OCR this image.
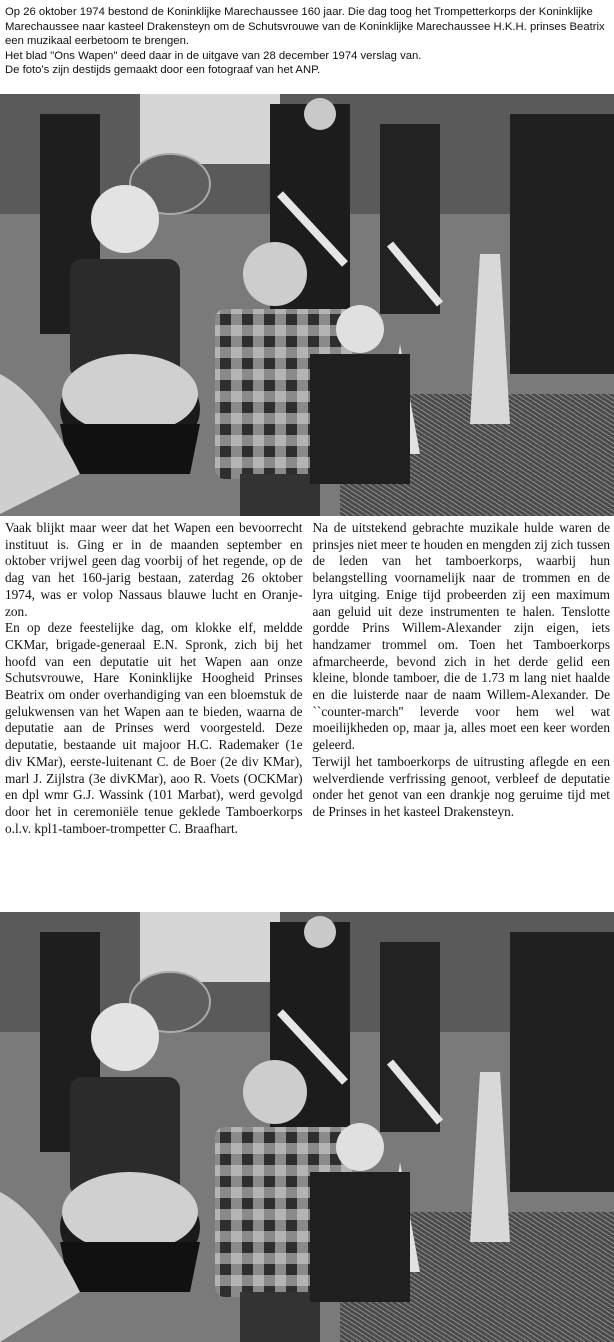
Op 26 oktober 1974 bestond de Koninklijke Marechaussee 160 jaar. Die dag toog het Trompetterkorps der Koninklijke Marechaussee naar kasteel Drakensteyn om de Schutsvrouwe van de Koninklijke Marechaussee H.K.H. prinses Beatrix een muzikaal eerbetoom te brengen.

Het blad "Ons Wapen" deed daar in de uitgave van 28 december 1974 verslag van.

De foto's zijn destijds gemaakt door een fotograaf van het ANP.

Vaak blijkt maar weer dat het Wapen een bevoorrecht instituut is. Ging er in de maanden september en oktober vrijwel geen dag voorbij of het regende, op de dag van het 160-jarig bestaan, zaterdag 26 oktober 1974, was er volop Nassaus blauwe lucht en Oranje-zon.

En op deze feestelijke dag, om klokke elf, meldde CKMar, brigade-generaal E.N. Spronk, zich bij het hoofd van een deputatie uit het Wapen aan onze Schutsvrouwe, Hare Koninklijke Hoogheid Prinses Beatrix om onder overhandiging van een bloemstuk de gelukwensen van het Wapen aan te bieden, waarna de deputatie aan de Prinses werd voorgesteld. Deze deputatie, bestaande uit majoor H.C. Rademaker (1e div KMar), eerste-luitenant C. de Boer (2e div KMar), marl J. Zijlstra (3e divKMar), aoo R. Voets (OCKMar) en dpl wmr G.J. Wassink (101 Marbat), werd gevolgd door het in ceremoniële tenue geklede Tamboerkorps o.l.v. kpl1-tamboer-trompetter C. Braafhart.

Na de uitstekend gebrachte muzikale hulde waren de prinsjes niet meer te houden en mengden zij zich tussen de leden van het tamboerkorps, waarbij hun belangstelling voornamelijk naar de trommen en de lyra uitging. Enige tijd probeerden zij een maximum aan geluid uit deze instrumenten te halen. Tenslotte gordde Prins Willem-Alexander zijn eigen, iets handzamer trommel om. Toen het Tamboerkorps afmarcheerde, bevond zich in het derde gelid een kleine, blonde tamboer, die de 1.73 m lang niet haalde en die luisterde naar de naam Willem-Alexander. De ``counter-march'' leverde voor hem wel wat moeilijkheden op, maar ja, alles moet een keer worden geleerd.

Terwijl het tamboerkorps de uitrusting aflegde en een welverdiende verfrissing genoot, verbleef de deputatie onder het genot van een drankje nog geruime tijd met de Prinses in het kasteel Drakensteyn.
